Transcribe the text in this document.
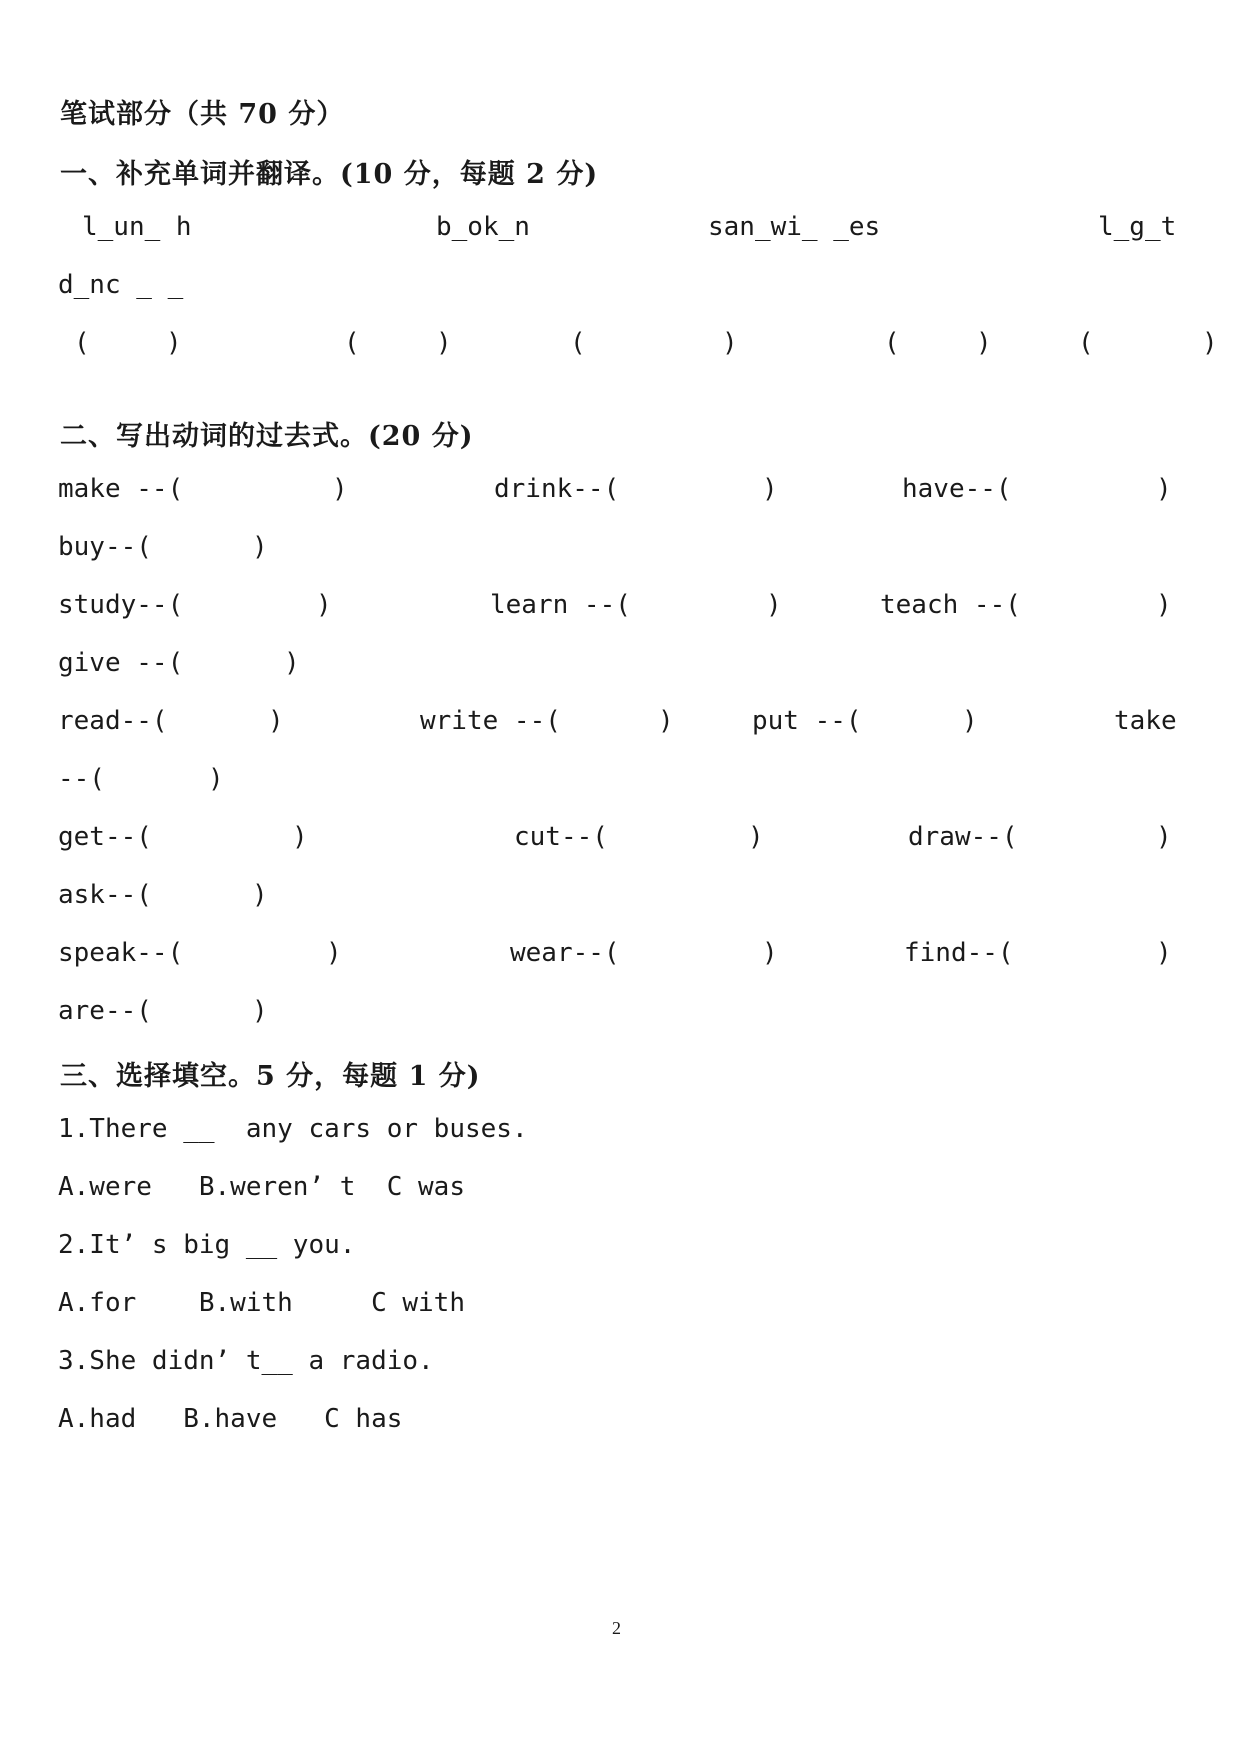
笔试部分（共 70 分）
一、补充单词并翻译。(10 分，每题 2 分)
l_un_ h	b_ok_n	san_wi_ _es	l_g_t
d_nc _ _
(	)	(	)	(	)	(	)	(	)
二、写出动词的过去式。(20 分)
make --(	)	drink--(	)	have--(	)
buy--(	)
study--(	)	learn --(	)	teach --(	)
give --(	)
read--(	)	write --(	)	put --(	)	take
--(	)
get--(	)	cut--(	)	draw--(	)
ask--(	)
speak--(	)	wear--(	)	find--(	)
are--(	)
三、选择填空。5 分，每题 1 分)
1.There __  any cars or buses.
A.were   B.weren’ t  C was
2.It’ s big __ you.
A.for    B.with     C with
3.She didn’ t__ a radio.
A.had   B.have   C has
2
